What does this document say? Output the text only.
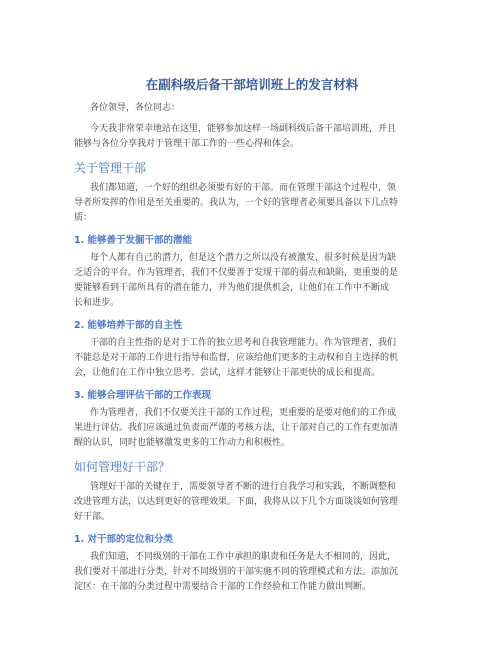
在副科级后备干部培训班上的发言材料

各位领导，各位同志：

今天我非常荣幸地站在这里，能够参加这样一场副科级后备干部培训班，并且
能够与各位分享我对于管理干部工作的一些心得和体会。

关于管理干部

我们都知道，一个好的组织必须要有好的干部。而在管理干部这个过程中，领
导者所发挥的作用是至关重要的。我认为，一个好的管理者必须要具备以下几点特
质：

1. 能够善于发掘干部的潜能

每个人都有自己的潜力，但是这个潜力之所以没有被激发，很多时候是因为缺
乏适合的平台。作为管理者，我们不仅要善于发现干部的弱点和缺陷，更重要的是
要能够看到干部所具有的潜在能力，并为他们提供机会，让他们在工作中不断成
长和进步。

2. 能够培养干部的自主性

干部的自主性指的是对于工作的独立思考和自我管理能力。作为管理者，我们
不能总是对干部的工作进行指导和监督，应该给他们更多的主动权和自主选择的机
会，让他们在工作中独立思考、尝试，这样才能够让干部更快的成长和提高。

3. 能够合理评估干部的工作表现

作为管理者，我们不仅要关注干部的工作过程，更重要的是要对他们的工作成
果进行评估。我们应该通过负责而严谨的考核方法，让干部对自己的工作有更加清
醒的认识，同时也能够激发更多的工作动力和积极性。

如何管理好干部？

管理好干部的关键在于，需要领导者不断的进行自我学习和实践，不断调整和
改进管理方法，以达到更好的管理效果。下面，我将从以下几个方面谈谈如何管理
好干部。

1. 对干部的定位和分类

我们知道，不同级别的干部在工作中承担的职责和任务是大不相同的，因此，
我们要对干部进行分类，针对不同级别的干部实施不同的管理模式和方法。添加沉
淀区：在干部的分类过程中需要结合干部的工作经验和工作能力做出判断。
